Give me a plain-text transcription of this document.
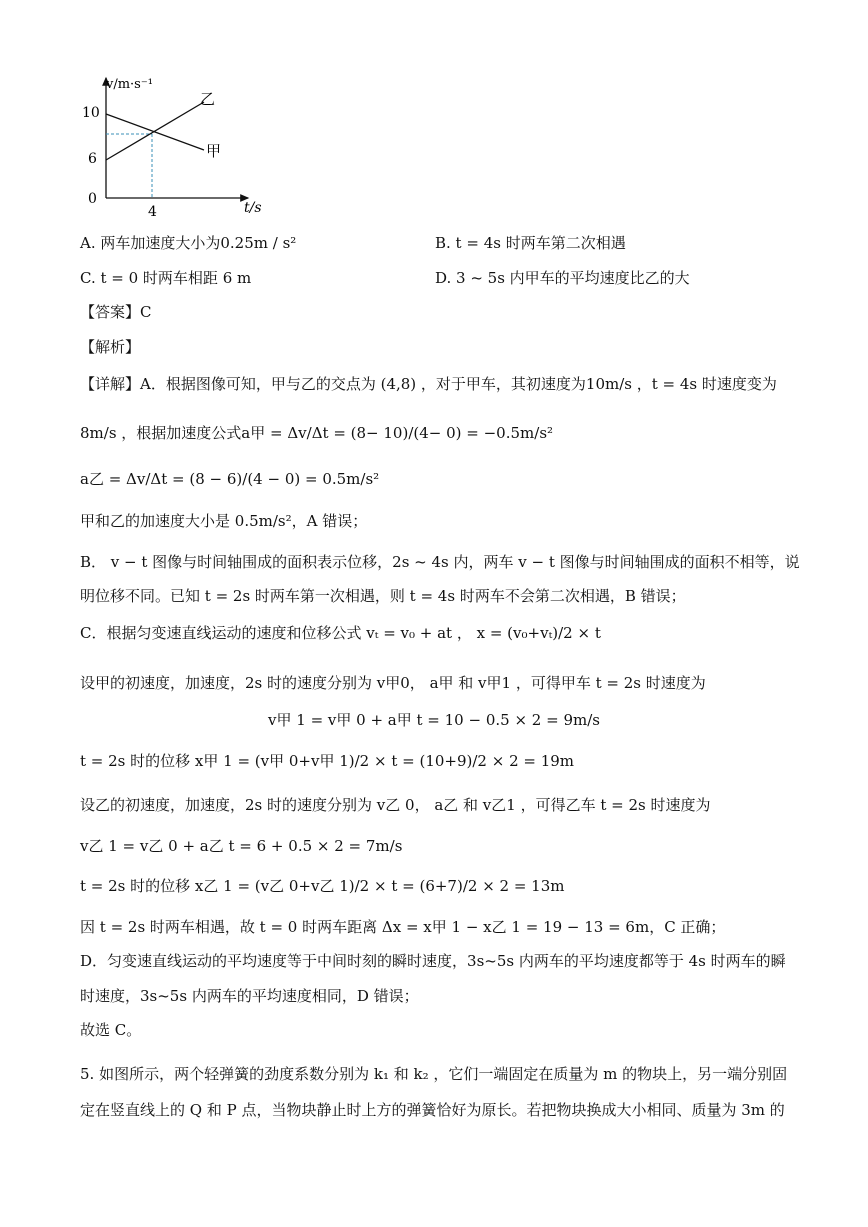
v/m·s⁻¹
10
6
0
4	t/s
乙
甲
A. 两车加速度大小为0.25m / s²	B. t = 4s 时两车第二次相遇
C. t = 0 时两车相距 6 m	D. 3 ~ 5s 内甲车的平均速度比乙的大
【答案】C
【解析】
【详解】A．根据图像可知，甲与乙的交点为 (4,8) ，对于甲车，其初速度为10m/s ，t = 4s 时速度变为
8m/s ，根据加速度公式a甲 = Δv/Δt = (8− 10)/(4− 0) = −0.5m/s²
a乙 = Δv/Δt = (8 − 6)/(4 − 0) = 0.5m/s²
甲和乙的加速度大小是 0.5m/s²，A 错误；
B． v − t 图像与时间轴围成的面积表示位移，2s ~ 4s 内，两车 v − t 图像与时间轴围成的面积不相等，说
明位移不同。已知 t = 2s 时两车第一次相遇，则 t = 4s 时两车不会第二次相遇，B 错误；
C．根据匀变速直线运动的速度和位移公式 vₜ = v₀ + at ， x = (v₀+vₜ)/2 × t
设甲的初速度，加速度，2s 时的速度分别为 v甲0， a甲 和 v甲1 ，可得甲车 t = 2s 时速度为
v甲 1 = v甲 0 + a甲 t = 10 − 0.5 × 2 = 9m/s
t = 2s 时的位移 x甲 1 = (v甲 0+v甲 1)/2 × t = (10+9)/2 × 2 = 19m
设乙的初速度，加速度，2s 时的速度分别为 v乙 0， a乙 和 v乙1 ，可得乙车 t = 2s 时速度为
v乙 1 = v乙 0 + a乙 t = 6 + 0.5 × 2 = 7m/s
t = 2s 时的位移 x乙 1 = (v乙 0+v乙 1)/2 × t = (6+7)/2 × 2 = 13m
因 t = 2s 时两车相遇，故 t = 0 时两车距离 Δx = x甲 1 − x乙 1 = 19 − 13 = 6m，C 正确；
D．匀变速直线运动的平均速度等于中间时刻的瞬时速度，3s~5s 内两车的平均速度都等于 4s 时两车的瞬
时速度，3s~5s 内两车的平均速度相同，D 错误；
故选 C。
5. 如图所示，两个轻弹簧的劲度系数分别为 k₁ 和 k₂ ，它们一端固定在质量为 m 的物块上，另一端分别固
定在竖直线上的 Q 和 P 点，当物块静止时上方的弹簧恰好为原长。若把物块换成大小相同、质量为 3m 的
